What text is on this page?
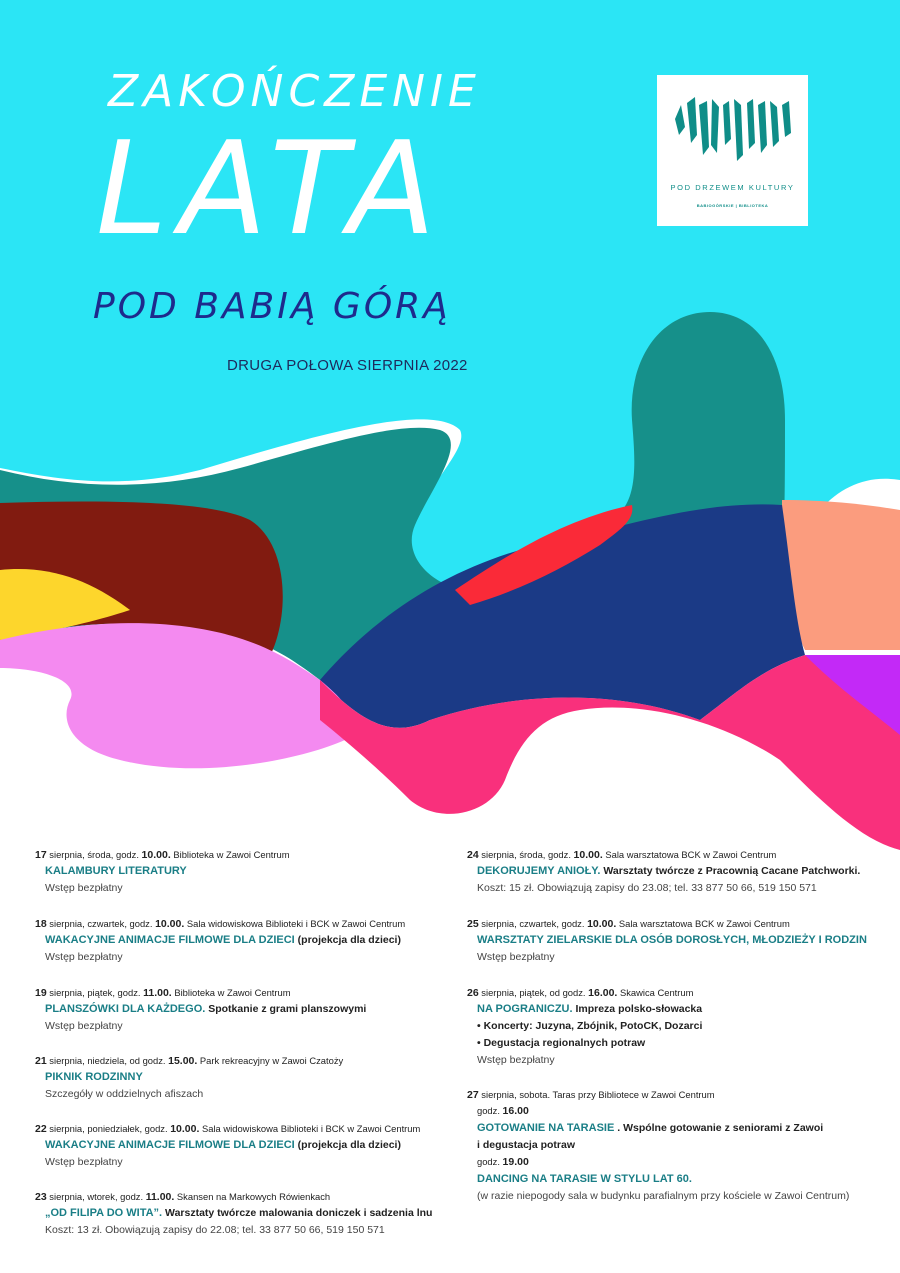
ZAKOŃCZENIE
LATA
POD BABIĄ GÓRĄ
DRUGA POŁOWA SIERPNIA 2022
POD DRZEWEM KULTURY
BABIOGÓRSKIE | BIBLIOTEKA
17 sierpnia, środa, godz. 10.00. Biblioteka w Zawoi Centrum
KALAMBURY LITERATURY
Wstęp bezpłatny
18 sierpnia, czwartek, godz. 10.00. Sala widowiskowa Biblioteki i BCK w Zawoi Centrum
WAKACYJNE ANIMACJE FILMOWE DLA DZIECI (projekcja dla dzieci)
Wstęp bezpłatny
19 sierpnia, piątek, godz. 11.00. Biblioteka w Zawoi Centrum
PLANSZÓWKI DLA KAŻDEGO. Spotkanie z grami planszowymi
Wstęp bezpłatny
21 sierpnia, niedziela, od godz. 15.00. Park rekreacyjny w Zawoi Czatoży
PIKNIK RODZINNY
Szczegóły w oddzielnych afiszach
22 sierpnia, poniedziałek, godz. 10.00. Sala widowiskowa Biblioteki i BCK w Zawoi Centrum
WAKACYJNE ANIMACJE FILMOWE DLA DZIECI (projekcja dla dzieci)
Wstęp bezpłatny
23 sierpnia, wtorek, godz. 11.00. Skansen na Markowych Rówienkach
„OD FILIPA DO WITA”. Warsztaty twórcze malowania doniczek i sadzenia lnu
Koszt: 13 zł. Obowiązują zapisy do 22.08; tel. 33 877 50 66, 519 150 571
24 sierpnia, środa, godz. 10.00. Sala warsztatowa BCK w Zawoi Centrum
DEKORUJEMY ANIOŁY. Warsztaty twórcze z Pracownią Cacane Patchworki.
Koszt: 15 zł. Obowiązują zapisy do 23.08; tel. 33 877 50 66, 519 150 571
25 sierpnia, czwartek, godz. 10.00. Sala warsztatowa BCK w Zawoi Centrum
WARSZTATY ZIELARSKIE DLA OSÓB DOROSŁYCH, MŁODZIEŻY I RODZIN
Wstęp bezpłatny
26 sierpnia, piątek, od godz. 16.00. Skawica Centrum
NA POGRANICZU. Impreza polsko-słowacka
• Koncerty: Juzyna, Zbójnik, PotoCK, Dozarci
• Degustacja regionalnych potraw
Wstęp bezpłatny
27 sierpnia, sobota. Taras przy Bibliotece w Zawoi Centrum
godz. 16.00
GOTOWANIE NA TARASIE . Wspólne gotowanie z seniorami z Zawoi
i degustacja potraw
godz. 19.00
DANCING NA TARASIE W STYLU LAT 60.
(w razie niepogody sala w budynku parafialnym przy kościele w Zawoi Centrum)
